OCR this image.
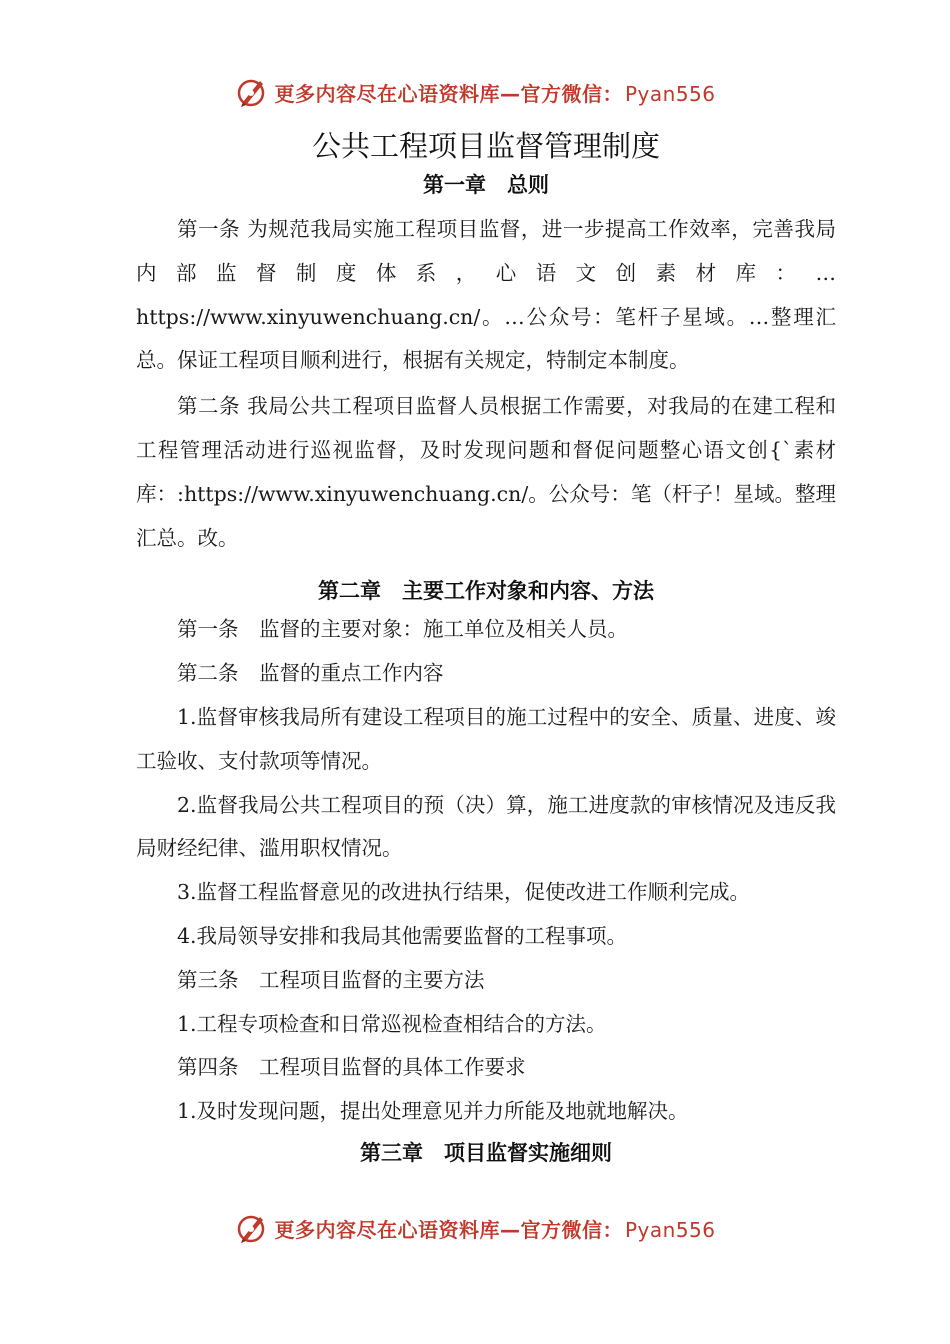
更多内容尽在心语资料库—官方微信： Pyan556
公共工程项目监督管理制度
第一章　总则

第一条 为规范我局实施工程项目监督，进一步提高工作效率，完善我局内部监督制度体系，心语文创素材库：…https://www.xinyuwenchuang.cn/。…公众号：笔杆子星域。…整理汇总。保证工程项目顺利进行，根据有关规定，特制定本制度。

第二条 我局公共工程项目监督人员根据工作需要，对我局的在建工程和工程管理活动进行巡视监督，及时发现问题和督促问题整心语文创{`素材库：:https://www.xinyuwenchuang.cn/。公众号：笔（杆子！星域。整理汇总。改。

第二章　主要工作对象和内容、方法

第一条　监督的主要对象：施工单位及相关人员。

第二条　监督的重点工作内容

1.监督审核我局所有建设工程项目的施工过程中的安全、质量、进度、竣工验收、支付款项等情况。

2.监督我局公共工程项目的预（决）算，施工进度款的审核情况及违反我局财经纪律、滥用职权情况。

3.监督工程监督意见的改进执行结果，促使改进工作顺利完成。

4.我局领导安排和我局其他需要监督的工程事项。

第三条　工程项目监督的主要方法

1.工程专项检查和日常巡视检查相结合的方法。

第四条　工程项目监督的具体工作要求

1.及时发现问题，提出处理意见并力所能及地就地解决。

第三章　项目监督实施细则
更多内容尽在心语资料库—官方微信： Pyan556
